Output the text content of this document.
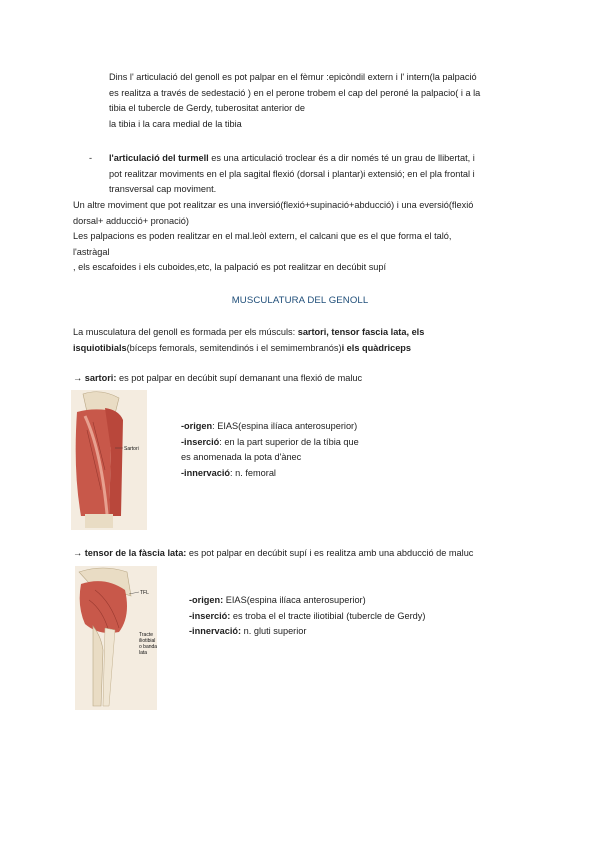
Dins l' articulació del genoll es pot palpar en el fèmur :epicòndil extern i l' intern(la palpació
es realitza a través de sedestació ) en el perone trobem el cap del peroné la palpacio( i a la
tibia el tubercle de Gerdy, tuberositat anterior de
la tibia i la cara medial de la tibia
- l'articulació del turmell es una articulació troclear és a dir només té un grau de llibertat, i
pot realitzar moviments en el pla sagital flexió (dorsal i plantar)i extensió; en el pla frontal i
transversal cap moviment.
Un altre moviment que pot realitzar es una inversió(flexió+supinació+abducció) i una eversió(flexió
dorsal+ adducció+ pronació)
Les palpacions es poden realitzar en el mal.leòl extern, el calcani que es el que forma el taló,
l'astràgal
, els escafoides i els cuboides,etc, la palpació es pot realitzar en decúbit supí
MUSCULATURA DEL GENOLL
La musculatura del genoll es formada per els músculs: sartori, tensor fascia lata, els
isquiotibials(bíceps femorals, semitendinós i el semimembranós)i els quàdriceps
→ sartori: es pot palpar en decúbit supí demanant una flexió de maluc
Sartori
-origen: EIAS(espina ilíaca anterosuperior)
-inserció: en la part superior de la tíbia que
es anomenada la pota d'ànec
-innervació: n. femoral
→ tensor de la fàscia lata: es pot palpar en decúbit supí i es realitza amb una abducció de maluc
TFL
Tracte
iliotibial
o banda
lata
-origen: EIAS(espina ilíaca anterosuperior)
-inserció: es troba el el tracte iliotibial (tubercle de Gerdy)
-innervació: n. gluti superior
